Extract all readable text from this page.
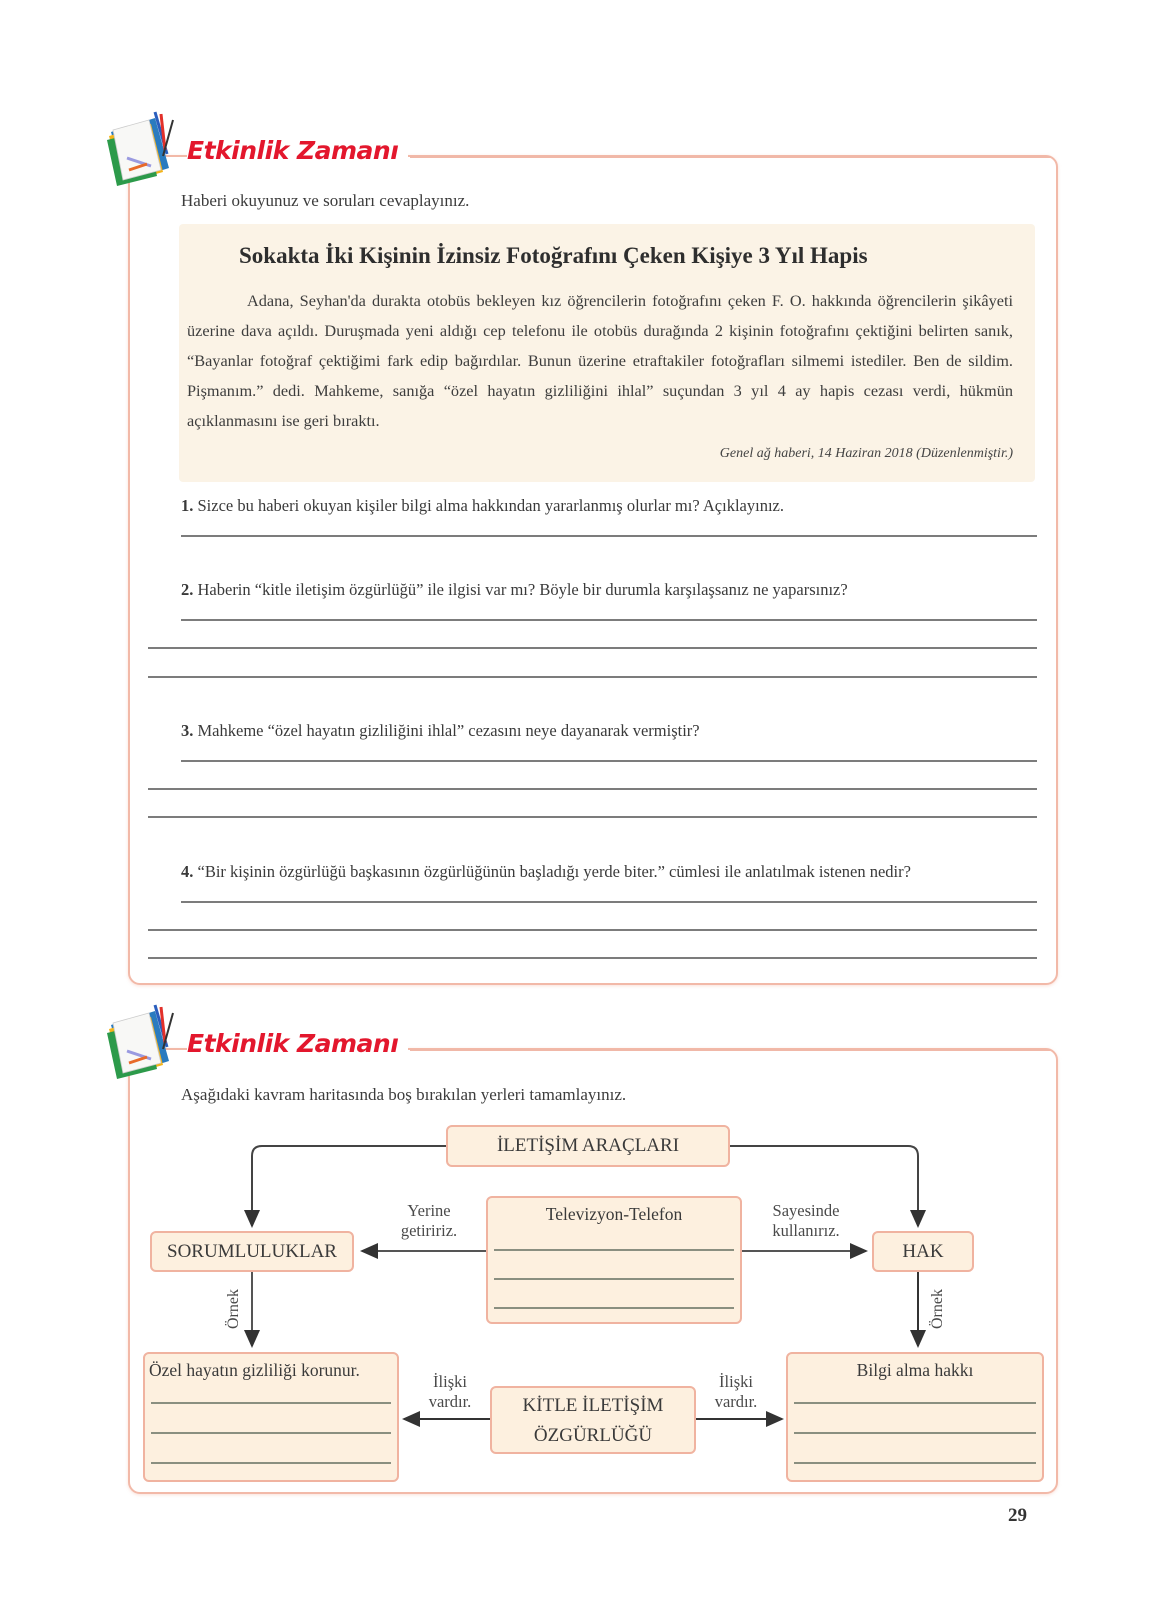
Etkinlik Zamanı
Haberi okuyunuz ve soruları cevaplayınız.
Sokakta İki Kişinin İzinsiz Fotoğrafını Çeken Kişiye 3 Yıl Hapis
Adana, Seyhan'da durakta otobüs bekleyen kız öğrencilerin fotoğrafını çeken F. O. hakkında öğrencilerin şikâyeti üzerine dava açıldı. Duruşmada yeni aldığı cep telefonu ile otobüs durağında 2 kişinin fotoğrafını çektiğini belirten sanık, “Bayanlar fotoğraf çektiğimi fark edip bağırdılar. Bunun üzerine etraftakiler fotoğrafları silmemi istediler. Ben de sildim. Pişmanım.” dedi. Mahkeme, sanığa “özel hayatın gizliliğini ihlal” suçundan 3 yıl 4 ay hapis cezası verdi, hükmün açıklanmasını ise geri bıraktı.
Genel ağ haberi, 14 Haziran 2018 (Düzenlenmiştir.)
1. Sizce bu haberi okuyan kişiler bilgi alma hakkından yararlanmış olurlar mı? Açıklayınız.
2. Haberin “kitle iletişim özgürlüğü” ile ilgisi var mı? Böyle bir durumla karşılaşsanız ne yaparsınız?
3. Mahkeme “özel hayatın gizliliğini ihlal” cezasını neye dayanarak vermiştir?
4. “Bir kişinin özgürlüğü başkasının özgürlüğünün başladığı yerde biter.” cümlesi ile anlatılmak istenen nedir?
Etkinlik Zamanı
Aşağıdaki kavram haritasında boş bırakılan yerleri tamamlayınız.
İLETİŞİM ARAÇLARI
Televizyon-Telefon
SORUMLULUKLAR	HAK
Özel hayatın gizliliği korunur.
KİTLE İLETİŞİM
ÖZGÜRLÜĞÜ
Bilgi alma hakkı
Yerine
getiririz.
Sayesinde
kullanırız.
Örnek	Örnek
İlişki
vardır.
İlişki
vardır.
29
